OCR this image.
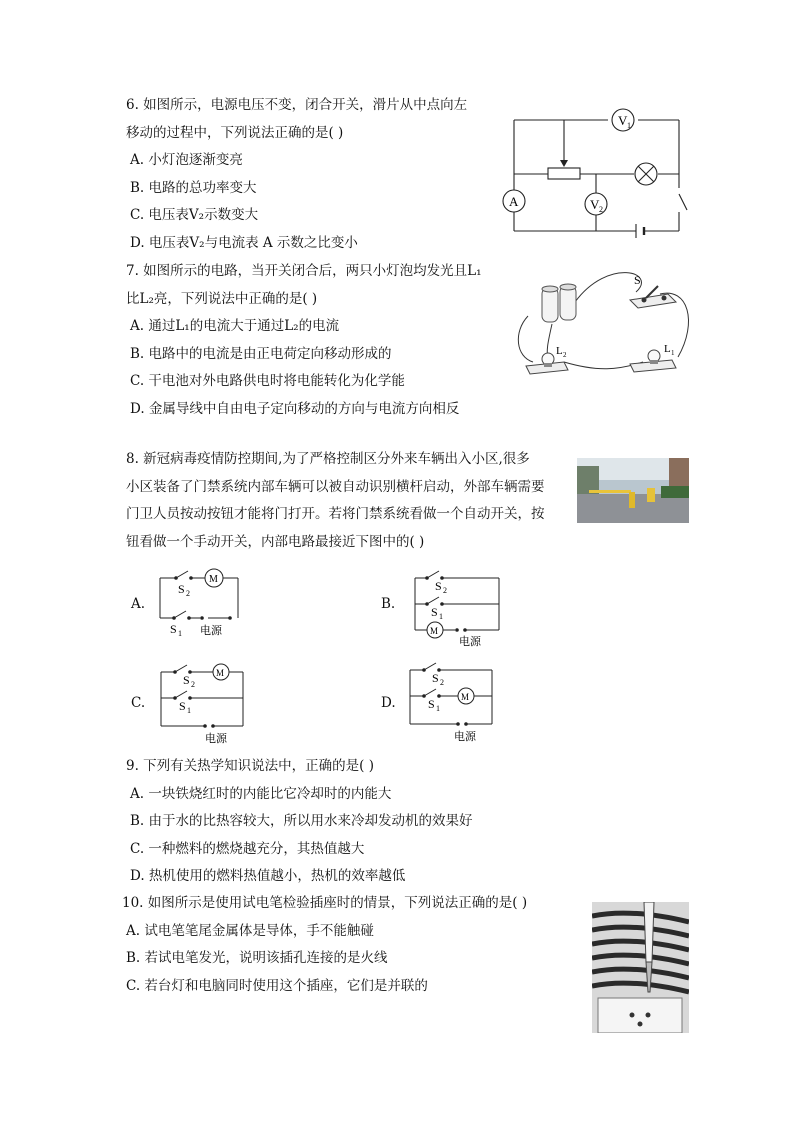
6. 如图所示，电源电压不变，闭合开关，滑片从中点向左
移动的过程中，下列说法正确的是( )
A. 小灯泡逐渐变亮
B. 电路的总功率变大
C. 电压表V₂示数变大
D. 电压表V₂与电流表 A 示数之比变小
V 1
A	V 2
7. 如图所示的电路，当开关闭合后，两只小灯泡均发光且L₁
比L₂亮，下列说法中正确的是( )
A. 通过L₁的电流大于通过L₂的电流
B. 电路中的电流是由正电荷定向移动形成的
C. 干电池对外电路供电时将电能转化为化学能
D. 金属导线中自由电子定向移动的方向与电流方向相反
S
L 2	L 1
8. 新冠病毒疫情防控期间,为了严格控制区分外来车辆出入小区,很多
小区装备了门禁系统内部车辆可以被自动识别横杆启动，外部车辆需要
门卫人员按动按钮才能将门打开。若将门禁系统看做一个自动开关，按
钮看做一个手动开关，内部电路最接近下图中的( )
A.	B.
C.	D.
M
S 2
S 1 电源	M
S 2
S 1
电源
M
S 2
S 1
电源
M
S 2
S 1
电源
9. 下列有关热学知识说法中，正确的是( )
A. 一块铁烧红时的内能比它冷却时的内能大
B. 由于水的比热容较大，所以用水来冷却发动机的效果好
C. 一种燃料的燃烧越充分，其热值越大
D. 热机使用的燃料热值越小，热机的效率越低
10. 如图所示是使用试电笔检验插座时的情景，下列说法正确的是( )
A. 试电笔笔尾金属体是导体，手不能触碰
B. 若试电笔发光，说明该插孔连接的是火线
C. 若台灯和电脑同时使用这个插座，它们是并联的
